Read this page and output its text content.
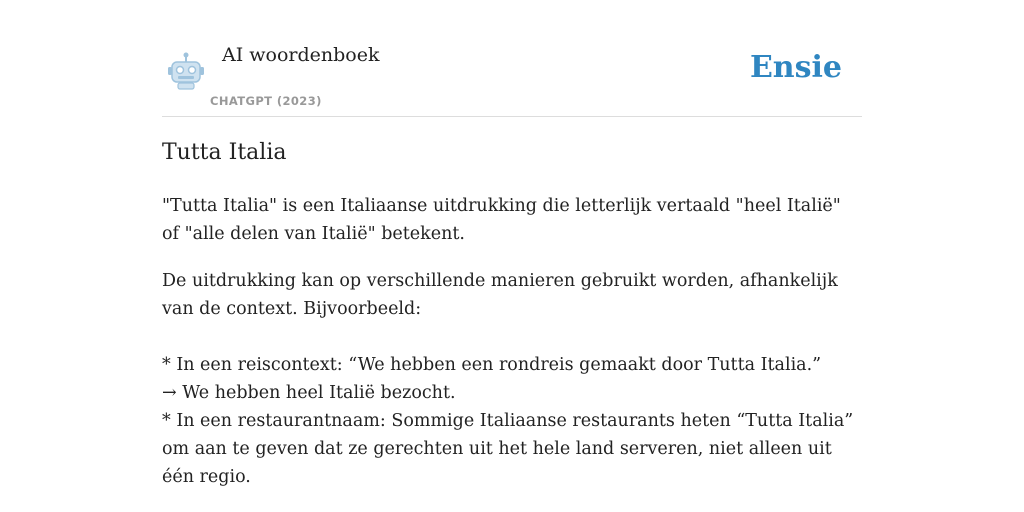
AI woordenboek
CHATGPT (2023)
Ensie
Tutta Italia

"Tutta Italia" is een Italiaanse uitdrukking die letterlijk vertaald "heel Italië" of "alle delen van Italië" betekent.

De uitdrukking kan op verschillende manieren gebruikt worden, afhankelijk van de context. Bijvoorbeeld:

* In een reiscontext: “We hebben een rondreis gemaakt door Tutta Italia.”
→ We hebben heel Italië bezocht.
* In een restaurantnaam: Sommige Italiaanse restaurants heten “Tutta Italia” om aan te geven dat ze gerechten uit het hele land serveren, niet alleen uit één regio.
